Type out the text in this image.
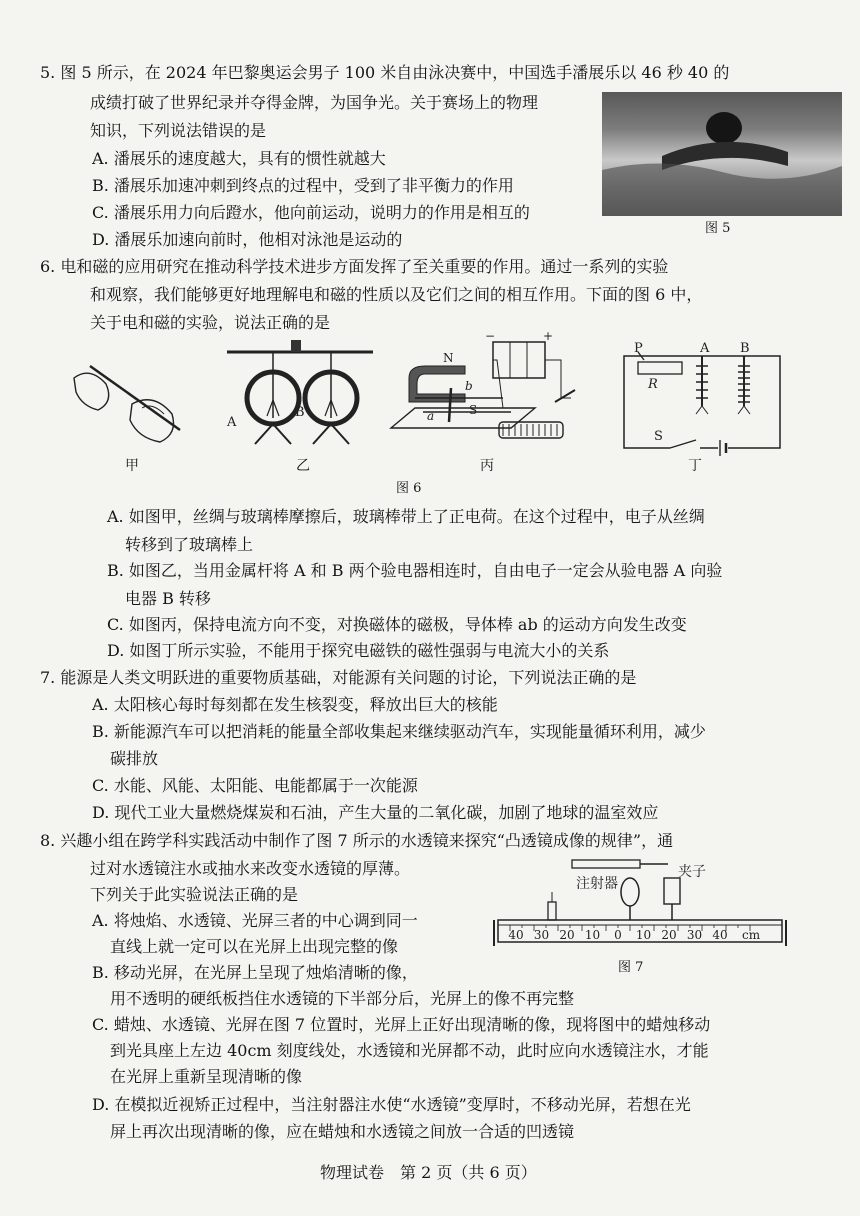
5. 图 5 所示，在 2024 年巴黎奥运会男子 100 米自由泳决赛中，中国选手潘展乐以 46 秒 40 的
成绩打破了世界纪录并夺得金牌，为国争光。关于赛场上的物理
知识，下列说法错误的是
A. 潘展乐的速度越大，具有的惯性就越大
B. 潘展乐加速冲刺到终点的过程中，受到了非平衡力的作用
C. 潘展乐用力向后蹬水，他向前运动，说明力的作用是相互的
D. 潘展乐加速向前时，他相对泳池是运动的
图 5
6. 电和磁的应用研究在推动科学技术进步方面发挥了至关重要的作用。通过一系列的实验
和观察，我们能够更好地理解电和磁的性质以及它们之间的相互作用。下面的图 6 中，
关于电和磁的实验，说法正确的是
甲
A
B
乙
+
−
N
S
a
b
丙
图 6
P
R
A B
S
丁
A. 如图甲，丝绸与玻璃棒摩擦后，玻璃棒带上了正电荷。在这个过程中，电子从丝绸
转移到了玻璃棒上
B. 如图乙，当用金属杆将 A 和 B 两个验电器相连时，自由电子一定会从验电器 A 向验
电器 B 转移
C. 如图丙，保持电流方向不变，对换磁体的磁极，导体棒 ab 的运动方向发生改变
D. 如图丁所示实验，不能用于探究电磁铁的磁性强弱与电流大小的关系
7. 能源是人类文明跃进的重要物质基础，对能源有关问题的讨论，下列说法正确的是
A. 太阳核心每时每刻都在发生核裂变，释放出巨大的核能
B. 新能源汽车可以把消耗的能量全部收集起来继续驱动汽车，实现能量循环利用，减少
碳排放
C. 水能、风能、太阳能、电能都属于一次能源
D. 现代工业大量燃烧煤炭和石油，产生大量的二氧化碳，加剧了地球的温室效应
8. 兴趣小组在跨学科实践活动中制作了图 7 所示的水透镜来探究“凸透镜成像的规律”，通
过对水透镜注水或抽水来改变水透镜的厚薄。
下列关于此实验说法正确的是
A. 将烛焰、水透镜、光屏三者的中心调到同一
直线上就一定可以在光屏上出现完整的像
B. 移动光屏，在光屏上呈现了烛焰清晰的像，
用不透明的硬纸板挡住水透镜的下半部分后，光屏上的像不再完整
C. 蜡烛、水透镜、光屏在图 7 位置时，光屏上正好出现清晰的像，现将图中的蜡烛移动
到光具座上左边 40cm 刻度线处，水透镜和光屏都不动，此时应向水透镜注水，才能
在光屏上重新呈现清晰的像
D. 在模拟近视矫正过程中，当注射器注水使“水透镜”变厚时，不移动光屏，若想在光
屏上再次出现清晰的像，应在蜡烛和水透镜之间放一合适的凹透镜
注射器
夹子
40 30 20 10 0 10 20 30 40 cm
图 7
物理试卷　第 2 页（共 6 页）
